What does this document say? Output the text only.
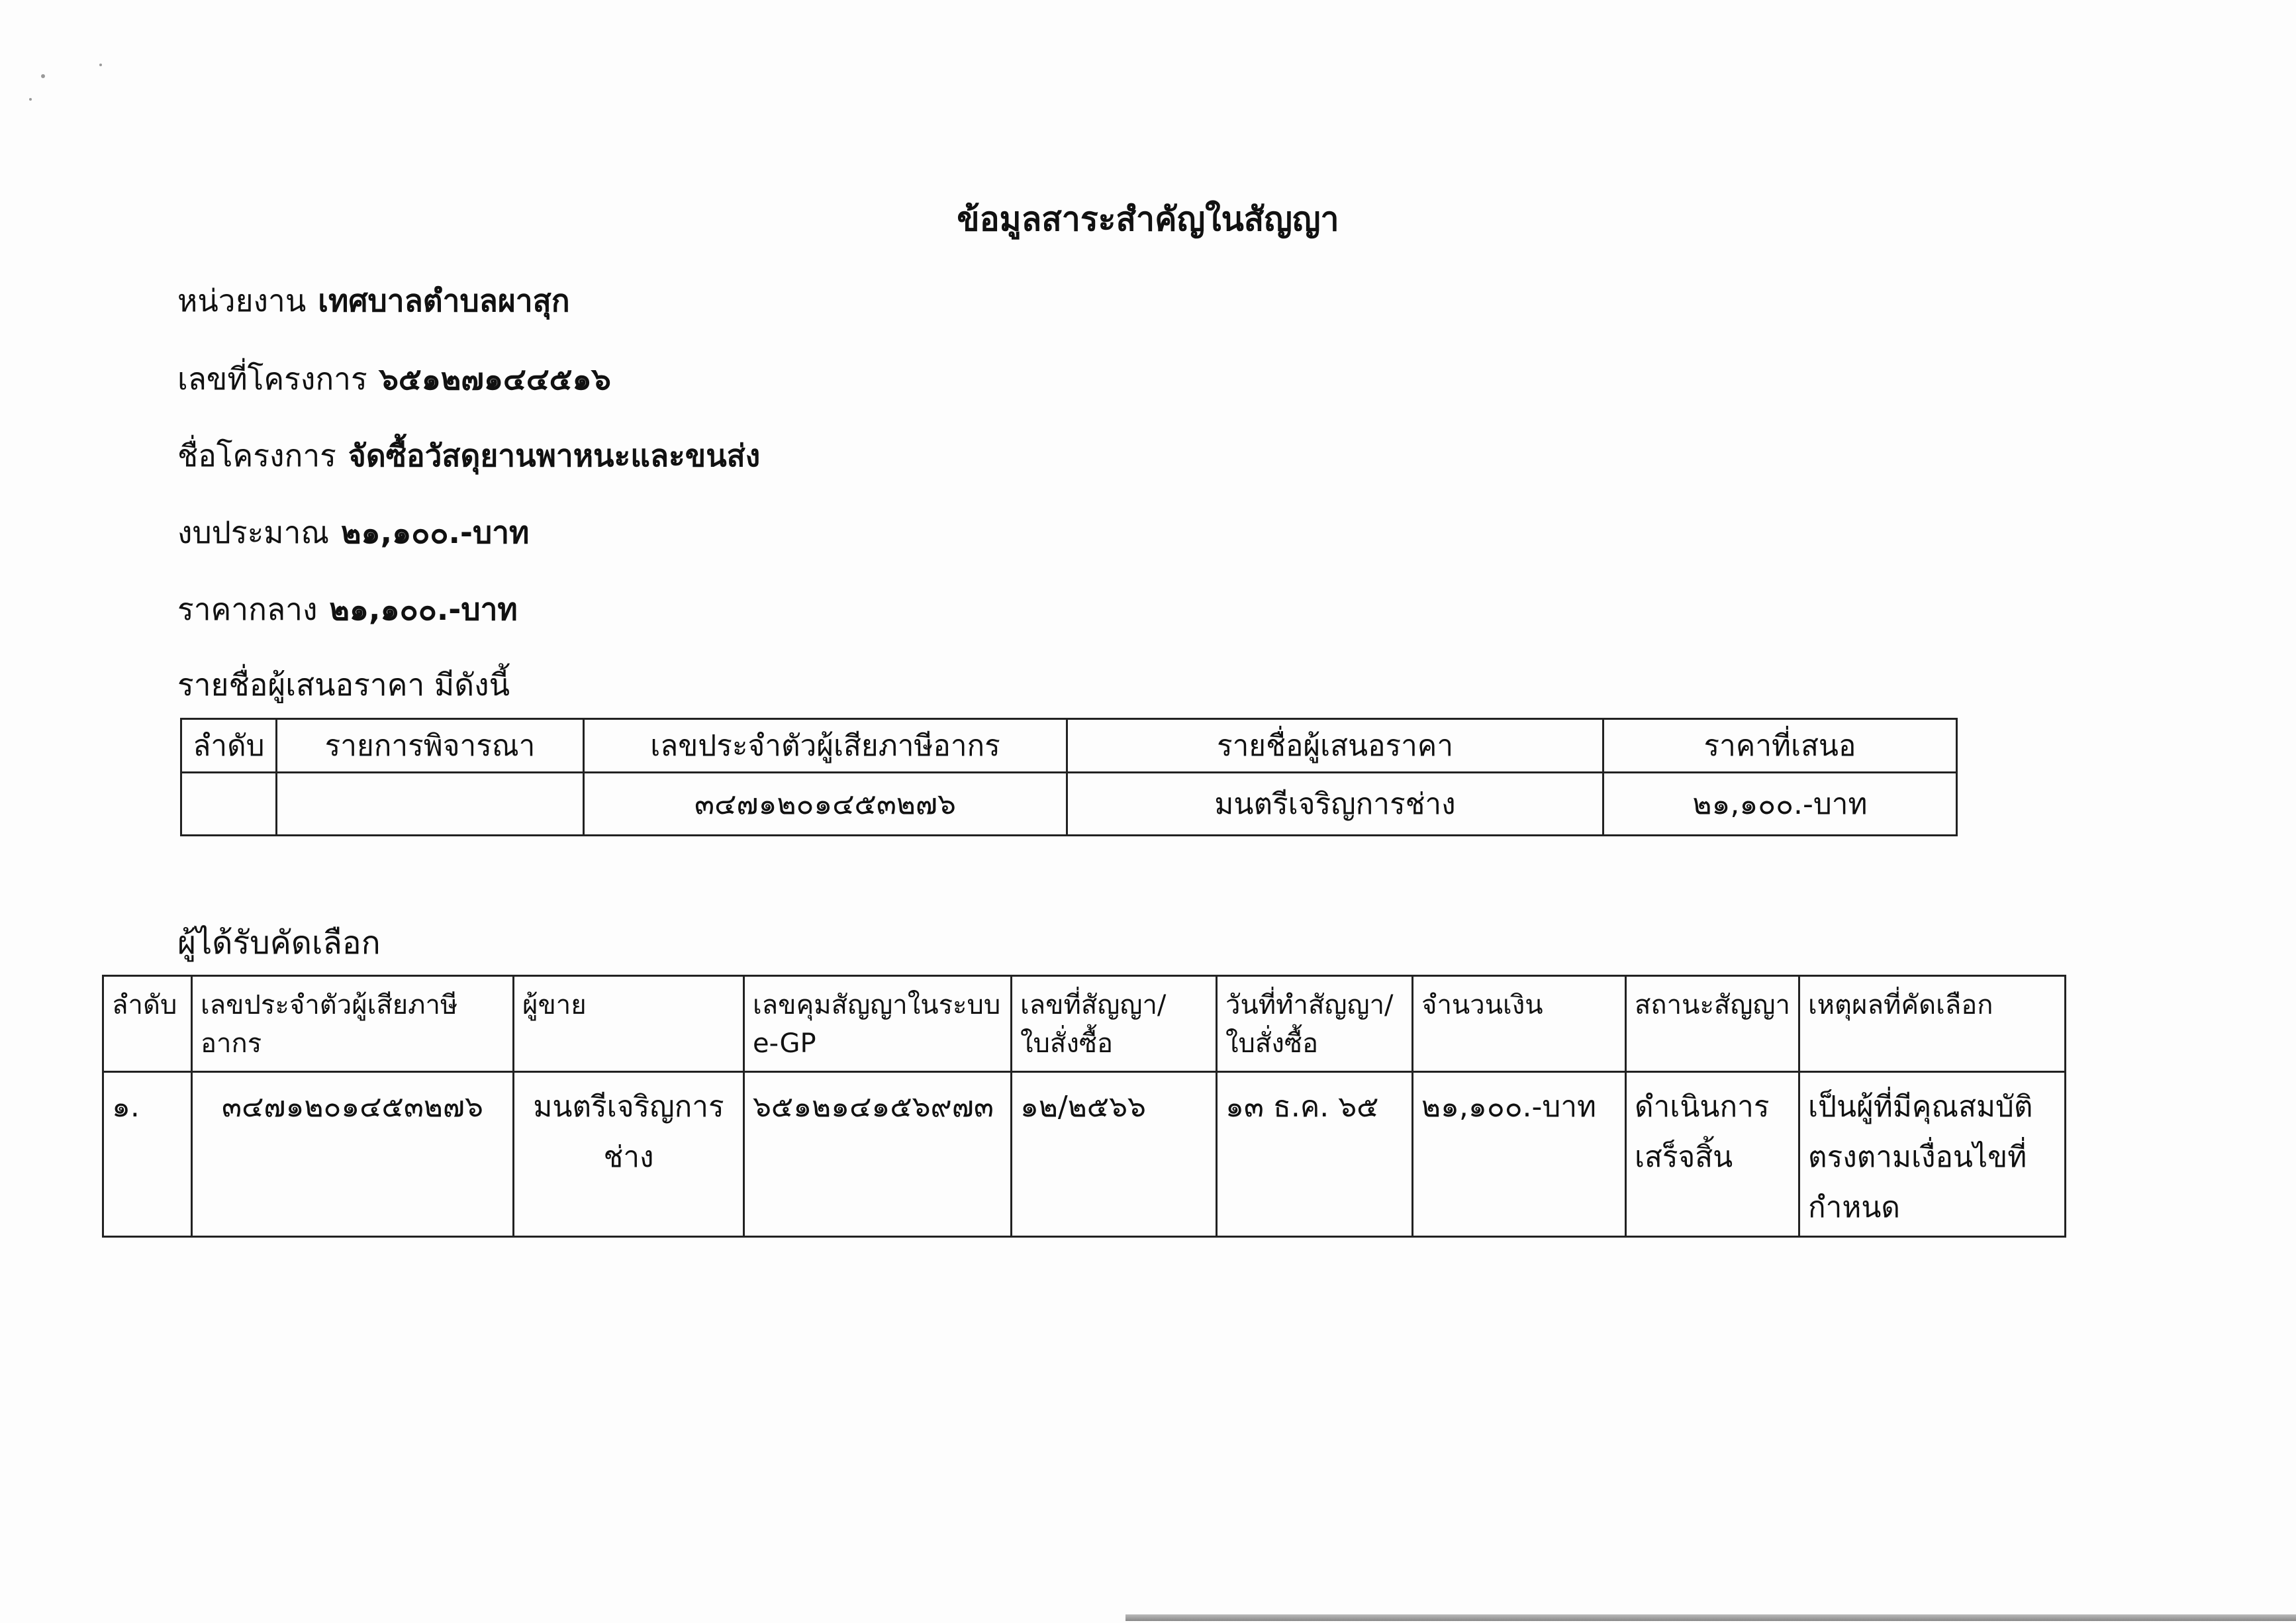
ข้อมูลสาระสำคัญในสัญญา
หน่วยงาน เทศบาลตำบลผาสุก
เลขที่โครงการ ๖๕๑๒๗๑๔๔๕๑๖
ชื่อโครงการ จัดซื้อวัสดุยานพาหนะและขนส่ง
งบประมาณ ๒๑,๑๐๐.-บาท
ราคากลาง ๒๑,๑๐๐.-บาท
รายชื่อผู้เสนอราคา มีดังนี้
ลำดับ	รายการพิจารณา	เลขประจำตัวผู้เสียภาษีอากร	รายชื่อผู้เสนอราคา	ราคาที่เสนอ
		๓๔๗๑๒๐๑๔๕๓๒๗๖	มนตรีเจริญการช่าง	๒๑,๑๐๐.-บาท
ผู้ได้รับคัดเลือก
ลำดับ	เลขประจำตัวผู้เสียภาษีอากร	ผู้ขาย	เลขคุมสัญญาในระบบ e-GP	เลขที่สัญญา/ ใบสั่งซื้อ	วันที่ทำสัญญา/ ใบสั่งซื้อ	จำนวนเงิน	สถานะสัญญา	เหตุผลที่คัดเลือก
๑.	๓๔๗๑๒๐๑๔๕๓๒๗๖	มนตรีเจริญการ ช่าง	๖๕๑๒๑๔๑๕๖๙๗๓	๑๒/๒๕๖๖	๑๓ ธ.ค. ๖๕	๒๑,๑๐๐.-บาท	ดำเนินการ เสร็จสิ้น	เป็นผู้ที่มีคุณสมบัติ ตรงตามเงื่อนไขที่ กำหนด
